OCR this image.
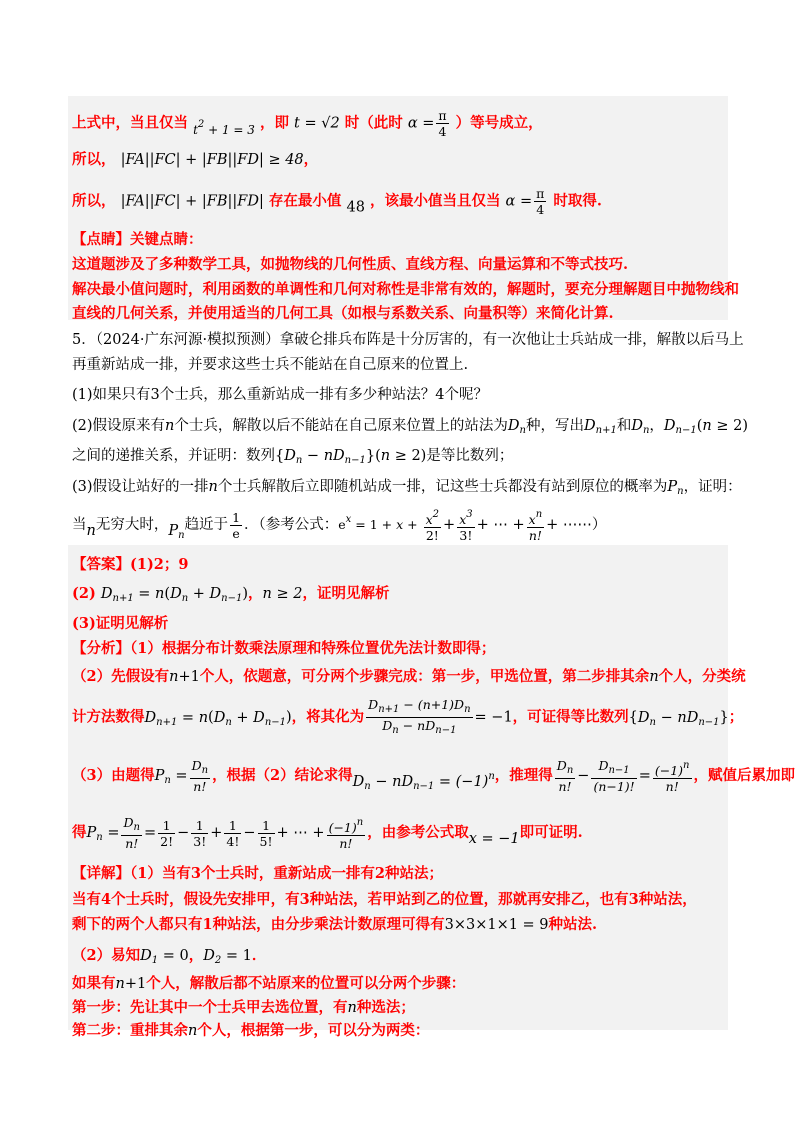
上式中，当且仅当 $_{t^2 + 1 = 3}$ ，即 t = √2 时（此时 $\alpha = \frac{\pi}{4}$ ）等号成立，
所以， |FA||FC| + |FB||FD| ≥ 48，
所以， |FA||FC| + |FB||FD| 存在最小值 48 ，该最小值当且仅当 $\alpha = \frac{\pi}{4}$ 时取得.
【点睛】关键点睛：
这道题涉及了多种数学工具，如抛物线的几何性质、直线方程、向量运算和不等式技巧.
解决最小值问题时，利用函数的单调性和几何对称性是非常有效的，解题时，要充分理解题目中抛物线和
直线的几何关系，并使用适当的几何工具（如根与系数关系、向量积等）来简化计算.
5．（2024·广东河源·模拟预测）拿破仑排兵布阵是十分厉害的，有一次他让士兵站成一排，解散以后马上
再重新站成一排，并要求这些士兵不能站在自己原来的位置上.
(1)如果只有3个士兵，那么重新站成一排有多少种站法？4个呢？
(2)假设原来有n个士兵，解散以后不能站在自己原来位置上的站法为$D_n$种，写出$D_{n+1}$和$D_n$，$D_{n-1}(n \ge 2)$
之间的递推关系，并证明：数列$\{D_n - nD_{n-1}\}(n \ge 2)$是等比数列；
(3)假设让站好的一排n个士兵解散后立即随机站成一排，记这些士兵都没有站到原位的概率为$P_n$，证明：
当n无穷大时，$P_n$趋近于 $\frac{1}{e}$ ．（参考公式：$e^x = 1 + x + \frac{x^2}{2!} + \frac{x^3}{3!}$ + ⋯ + $\frac{x^n}{n!}$ + ⋯⋯）
【答案】(1)2；9
(2) $D_{n+1} = n(D_n + D_{n-1})$，n ≥ 2，证明见解析
(3)证明见解析
【分析】（1）根据分布计数乘法原理和特殊位置优先法计数即得；
（2）先假设有n+1个人，依题意，可分两个步骤完成：第一步，甲选位置，第二步排其余n个人，分类统
计方法数得$D_{n+1} = n(D_n + D_{n-1})$，将其化为 $\frac{D_{n+1} - (n+1)D_n}{D_n - nD_{n-1}} = -1$，可证得等比数列$\{D_n - nD_{n-1}\}$；
（3）由题得$P_n = \frac{D_n}{n!}$ ，根据（2）结论求得$D_n - nD_{n-1} = (-1)^n$，推理得 $\frac{D_n}{n!} - \frac{D_{n-1}}{(n-1)!} = \frac{(-1)^n}{n!}$ ，赋值后累加即
得$P_n = \frac{D_n}{n!} = \frac{1}{2!} - \frac{1}{3!} + \frac{1}{4!} - \frac{1}{5!}$ + ⋯ + $\frac{(-1)^n}{n!}$ ，由参考公式取x = −1即可证明.
【详解】（1）当有3个士兵时，重新站成一排有2种站法；
当有4个士兵时，假设先安排甲，有3种站法，若甲站到乙的位置，那就再安排乙，也有3种站法，
剩下的两个人都只有1种站法，由分步乘法计数原理可得有3×3×1×1 = 9种站法.
（2）易知$D_1 = 0$，$D_2 = 1$．
如果有n+1个人，解散后都不站原来的位置可以分两个步骤：
第一步：先让其中一个士兵甲去选位置，有n种选法；
第二步：重排其余n个人，根据第一步，可以分为两类：
